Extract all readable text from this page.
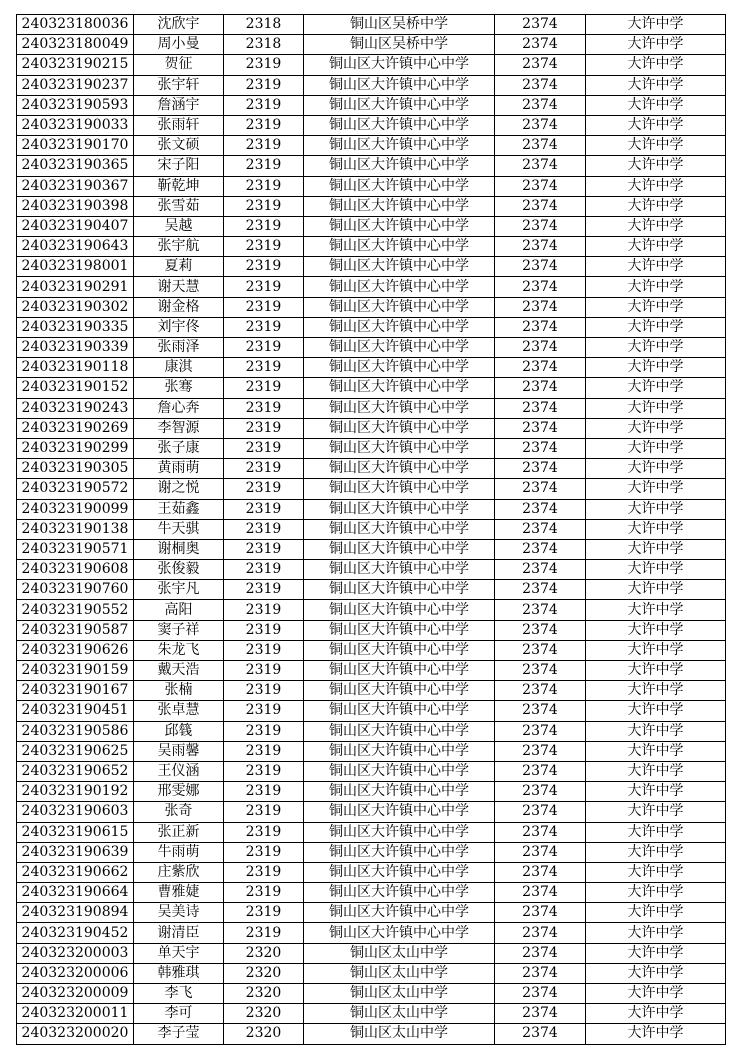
240323180036	沈欣宇	2318	铜山区吴桥中学	2374	大许中学
240323180049	周小曼	2318	铜山区吴桥中学	2374	大许中学
240323190215	贺征	2319	铜山区大许镇中心中学	2374	大许中学
240323190237	张宇轩	2319	铜山区大许镇中心中学	2374	大许中学
240323190593	詹涵宇	2319	铜山区大许镇中心中学	2374	大许中学
240323190033	张雨轩	2319	铜山区大许镇中心中学	2374	大许中学
240323190170	张文硕	2319	铜山区大许镇中心中学	2374	大许中学
240323190365	宋子阳	2319	铜山区大许镇中心中学	2374	大许中学
240323190367	靳乾坤	2319	铜山区大许镇中心中学	2374	大许中学
240323190398	张雪茹	2319	铜山区大许镇中心中学	2374	大许中学
240323190407	吴越	2319	铜山区大许镇中心中学	2374	大许中学
240323190643	张宇航	2319	铜山区大许镇中心中学	2374	大许中学
240323198001	夏莉	2319	铜山区大许镇中心中学	2374	大许中学
240323190291	谢天慧	2319	铜山区大许镇中心中学	2374	大许中学
240323190302	谢金格	2319	铜山区大许镇中心中学	2374	大许中学
240323190335	刘宇佟	2319	铜山区大许镇中心中学	2374	大许中学
240323190339	张雨泽	2319	铜山区大许镇中心中学	2374	大许中学
240323190118	康淇	2319	铜山区大许镇中心中学	2374	大许中学
240323190152	张骞	2319	铜山区大许镇中心中学	2374	大许中学
240323190243	詹心奔	2319	铜山区大许镇中心中学	2374	大许中学
240323190269	李智源	2319	铜山区大许镇中心中学	2374	大许中学
240323190299	张子康	2319	铜山区大许镇中心中学	2374	大许中学
240323190305	黄雨萌	2319	铜山区大许镇中心中学	2374	大许中学
240323190572	谢之悦	2319	铜山区大许镇中心中学	2374	大许中学
240323190099	王茹鑫	2319	铜山区大许镇中心中学	2374	大许中学
240323190138	牛天骐	2319	铜山区大许镇中心中学	2374	大许中学
240323190571	谢桐奥	2319	铜山区大许镇中心中学	2374	大许中学
240323190608	张俊毅	2319	铜山区大许镇中心中学	2374	大许中学
240323190760	张宇凡	2319	铜山区大许镇中心中学	2374	大许中学
240323190552	高阳	2319	铜山区大许镇中心中学	2374	大许中学
240323190587	窦子祥	2319	铜山区大许镇中心中学	2374	大许中学
240323190626	朱龙飞	2319	铜山区大许镇中心中学	2374	大许中学
240323190159	戴天浩	2319	铜山区大许镇中心中学	2374	大许中学
240323190167	张楠	2319	铜山区大许镇中心中学	2374	大许中学
240323190451	张卓慧	2319	铜山区大许镇中心中学	2374	大许中学
240323190586	邱篯	2319	铜山区大许镇中心中学	2374	大许中学
240323190625	吴雨馨	2319	铜山区大许镇中心中学	2374	大许中学
240323190652	王仪涵	2319	铜山区大许镇中心中学	2374	大许中学
240323190192	邢雯娜	2319	铜山区大许镇中心中学	2374	大许中学
240323190603	张奇	2319	铜山区大许镇中心中学	2374	大许中学
240323190615	张正新	2319	铜山区大许镇中心中学	2374	大许中学
240323190639	牛雨萌	2319	铜山区大许镇中心中学	2374	大许中学
240323190662	庄紫欣	2319	铜山区大许镇中心中学	2374	大许中学
240323190664	曹雅婕	2319	铜山区大许镇中心中学	2374	大许中学
240323190894	吴美诗	2319	铜山区大许镇中心中学	2374	大许中学
240323190452	谢清臣	2319	铜山区大许镇中心中学	2374	大许中学
240323200003	单天宇	2320	铜山区太山中学	2374	大许中学
240323200006	韩雅琪	2320	铜山区太山中学	2374	大许中学
240323200009	李飞	2320	铜山区太山中学	2374	大许中学
240323200011	李可	2320	铜山区太山中学	2374	大许中学
240323200020	李子莹	2320	铜山区太山中学	2374	大许中学
